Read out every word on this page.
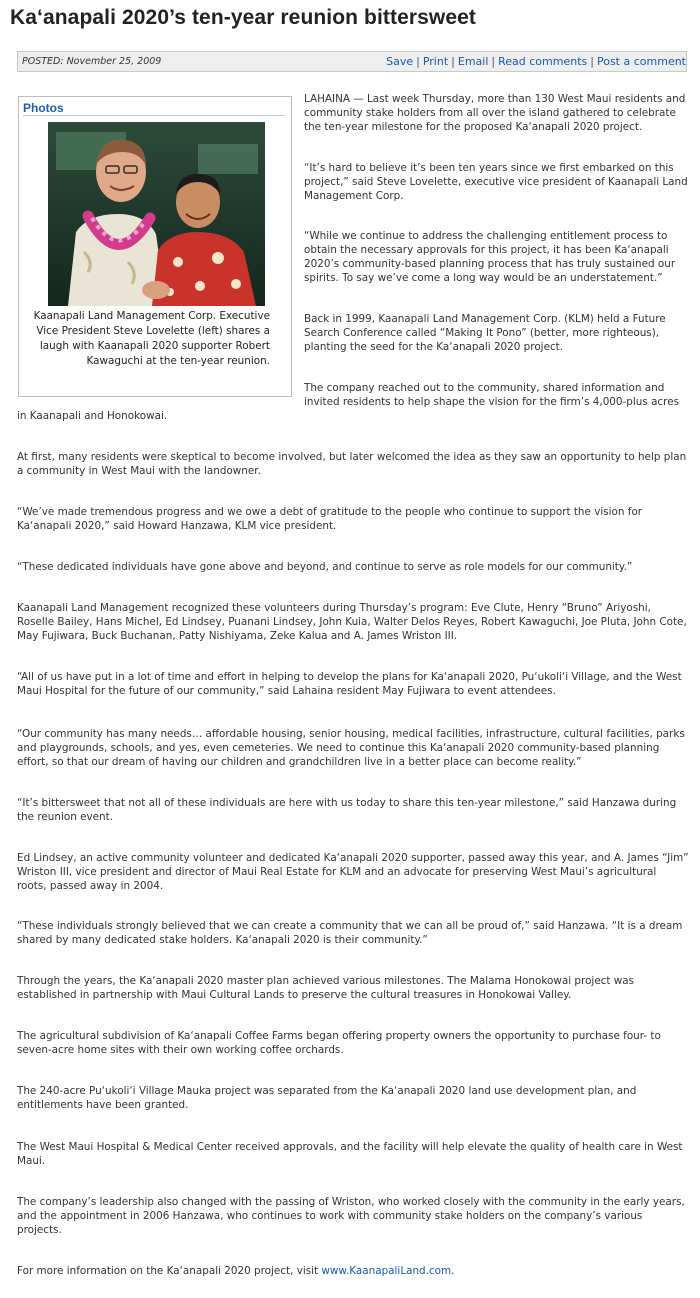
Ka‘anapali 2020’s ten-year reunion bittersweet
POSTED: November 25, 2009	Save | Print | Email | Read comments | Post a comment
Photos
Kaanapali Land Management Corp. Executive Vice President Steve Lovelette (left) shares a laugh with Kaanapali 2020 supporter Robert Kawaguchi at the ten-year reunion.

LAHAINA — Last week Thursday, more than 130 West Maui residents and community stake holders from all over the island gathered to celebrate the ten-year milestone for the proposed Ka‘anapali 2020 project.

“It’s hard to believe it’s been ten years since we first embarked on this project,” said Steve Lovelette, executive vice president of Kaanapali Land Management Corp.

“While we continue to address the challenging entitlement process to obtain the necessary approvals for this project, it has been Ka‘anapali 2020’s community-based planning process that has truly sustained our spirits. To say we’ve come a long way would be an understatement.”

Back in 1999, Kaanapali Land Management Corp. (KLM) held a Future Search Conference called “Making It Pono” (better, more righteous), planting the seed for the Ka‘anapali 2020 project.

The company reached out to the community, shared information and invited residents to help shape the vision for the firm’s 4,000-plus acres

in Kaanapali and Honokowai.

At first, many residents were skeptical to become involved, but later welcomed the idea as they saw an opportunity to help plan a community in West Maui with the landowner.

“We’ve made tremendous progress and we owe a debt of gratitude to the people who continue to support the vision for Ka‘anapali 2020,” said Howard Hanzawa, KLM vice president.

“These dedicated individuals have gone above and beyond, and continue to serve as role models for our community.”

Kaanapali Land Management recognized these volunteers during Thursday’s program: Eve Clute, Henry “Bruno” Ariyoshi, Roselle Bailey, Hans Michel, Ed Lindsey, Puanani Lindsey, John Kuia, Walter Delos Reyes, Robert Kawaguchi, Joe Pluta, John Cote, May Fujiwara, Buck Buchanan, Patty Nishiyama, Zeke Kalua and A. James Wriston III.

“All of us have put in a lot of time and effort in helping to develop the plans for Ka‘anapali 2020, Pu‘ukoli‘i Village, and the West Maui Hospital for the future of our community,” said Lahaina resident May Fujiwara to event attendees.

“Our community has many needs… affordable housing, senior housing, medical facilities, infrastructure, cultural facilities, parks and playgrounds, schools, and yes, even cemeteries. We need to continue this Ka‘anapali 2020 community-based planning effort, so that our dream of having our children and grandchildren live in a better place can become reality.”

“It’s bittersweet that not all of these individuals are here with us today to share this ten-year milestone,” said Hanzawa during the reunion event.

Ed Lindsey, an active community volunteer and dedicated Ka‘anapali 2020 supporter, passed away this year, and A. James “Jim” Wriston III, vice president and director of Maui Real Estate for KLM and an advocate for preserving West Maui’s agricultural roots, passed away in 2004.

“These individuals strongly believed that we can create a community that we can all be proud of,” said Hanzawa. “It is a dream shared by many dedicated stake holders. Ka‘anapali 2020 is their community.”

Through the years, the Ka‘anapali 2020 master plan achieved various milestones. The Malama Honokowai project was established in partnership with Maui Cultural Lands to preserve the cultural treasures in Honokowai Valley.

The agricultural subdivision of Ka‘anapali Coffee Farms began offering property owners the opportunity to purchase four- to seven-acre home sites with their own working coffee orchards.

The 240-acre Pu‘ukoli‘i Village Mauka project was separated from the Ka‘anapali 2020 land use development plan, and entitlements have been granted.

The West Maui Hospital & Medical Center received approvals, and the facility will help elevate the quality of health care in West Maui.

The company’s leadership also changed with the passing of Wriston, who worked closely with the community in the early years, and the appointment in 2006 Hanzawa, who continues to work with community stake holders on the company’s various projects.

For more information on the Ka‘anapali 2020 project, visit www.KaanapaliLand.com.
